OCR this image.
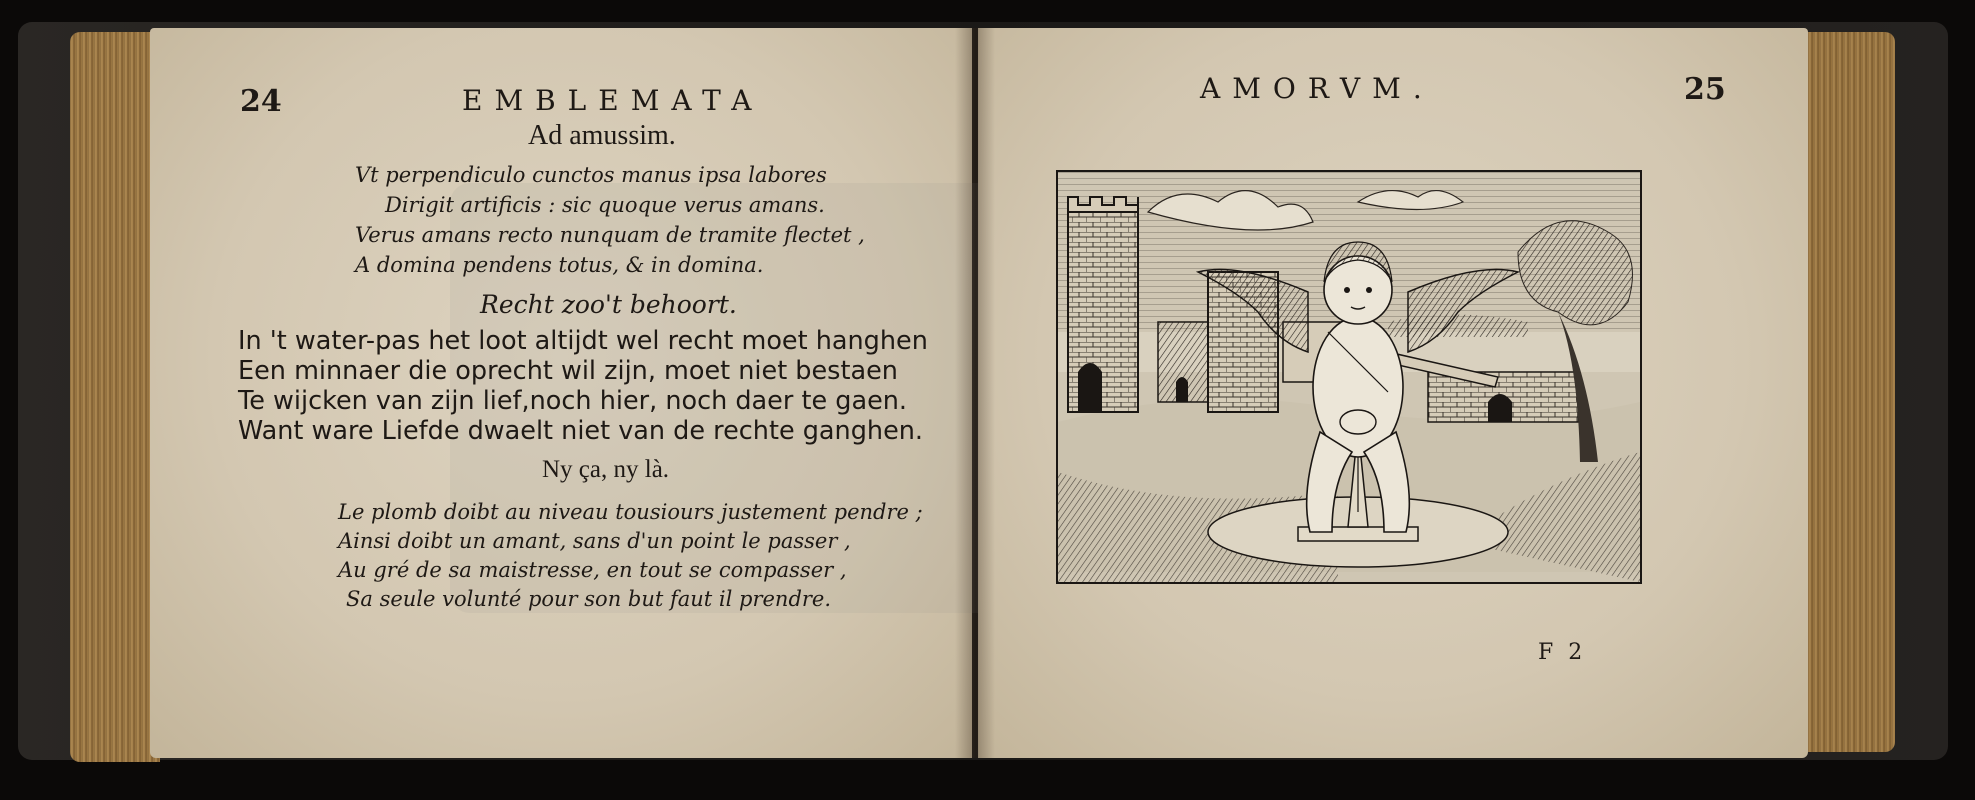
24	EMBLEMATA
Ad amussim.
Vt perpendiculo cunctos manus ipsa labores
Dirigit artificis : sic quoque verus amans.
Verus amans recto nunquam de tramite flectet ,
A domina pendens totus, & in domina.
Recht zoo't behoort.
In 't water-pas het loot altijdt wel recht moet hanghen
Een minnaer die oprecht wil zijn, moet niet bestaen
Te wijcken van zijn lief,noch hier, noch daer te gaen.
Want ware Liefde dwaelt niet van de rechte ganghen.
Ny ça, ny là.
Le plomb doibt au niveau tousiours justement pendre ;
Ainsi doibt un amant, sans d'un point le passer ,
Au gré de sa maistresse, en tout se compasser ,
Sa seule volunté pour son but faut il prendre.
AMORVM.	25
F 2
